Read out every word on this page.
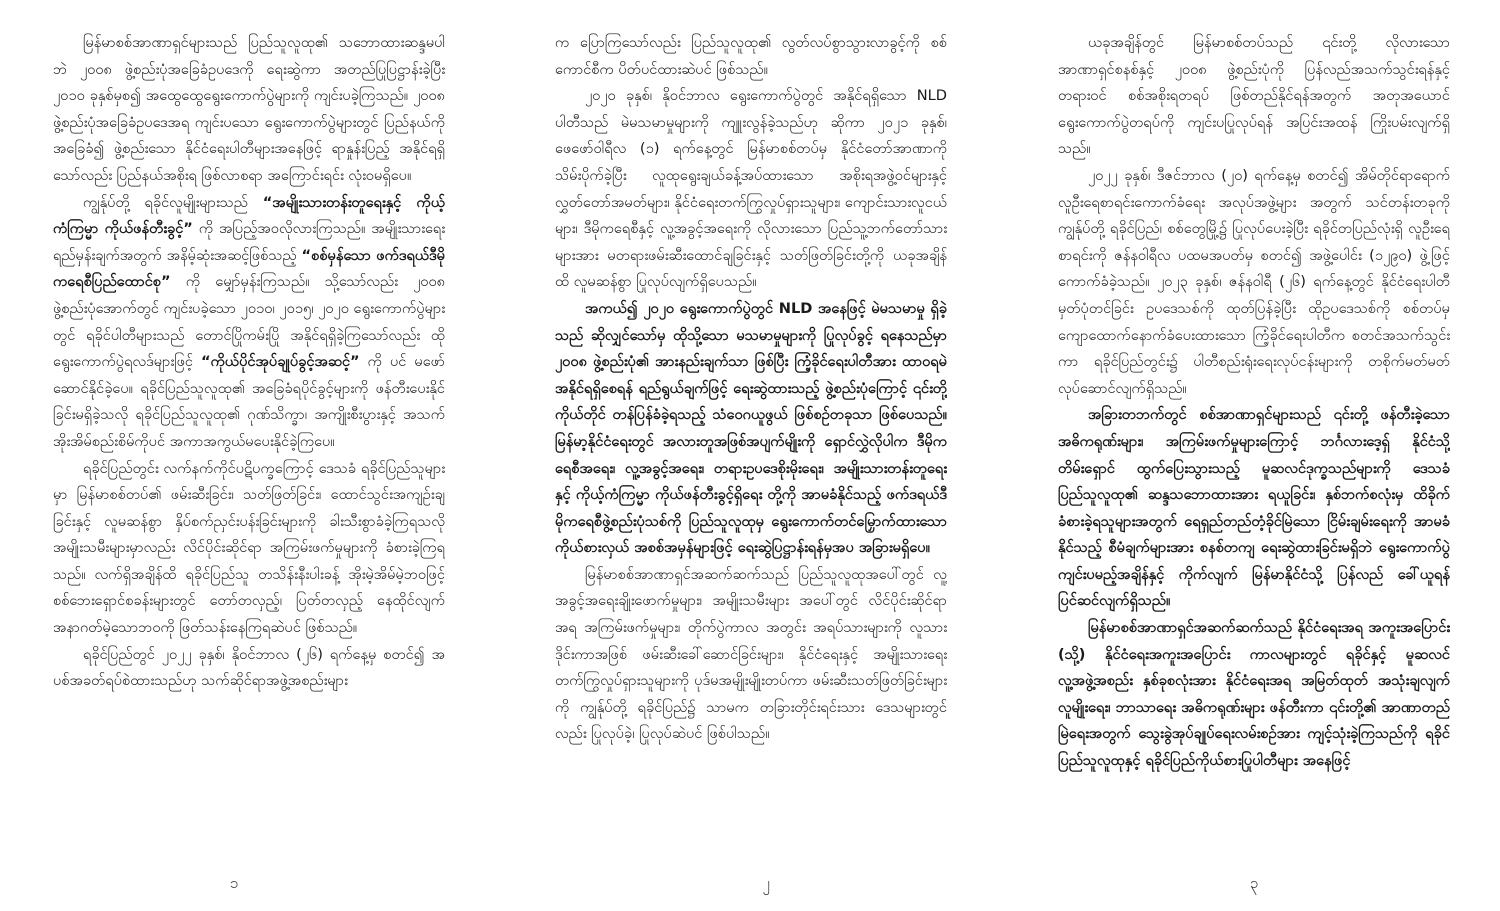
မြန်မာစစ်အာဏာရှင်များသည် ပြည်သူလူထု၏ သဘောထားဆန္ဒမပါဘဲ ၂၀၀၈ ဖွဲ့စည်းပုံအခြေခံဥပဒေကို ရေးဆွဲကာ အတည်ပြုပြဋ္ဌာန်းခဲ့ပြီး ၂၀၁၀ ခုနှစ်မှစ၍ အထွေထွေရွေးကောက်ပွဲများကို ကျင်းပခဲ့ကြသည်။ ၂၀၀၈ ဖွဲ့စည်းပုံအခြေခံဥပဒေအရ ကျင်းပသော ရွေးကောက်ပွဲများတွင် ပြည်နယ်ကိုအခြေခံ၍ ဖွဲ့စည်းသော နိုင်ငံရေးပါတီများအနေဖြင့် ရာနှုန်းပြည့် အနိုင်ရရှိသော်လည်း ပြည်နယ်အစိုးရ ဖြစ်လာစရာ အကြောင်းရင်း လုံးဝမရှိပေ။

ကျွန်ုပ်တို့ ရခိုင်လူမျိုးများသည် “အမျိုးသားတန်းတူရေးနှင့် ကိုယ့်ကံကြမ္မာ ကိုယ်ဖန်တီးခွင့်” ကို အပြည့်အဝလိုလားကြသည်။ အမျိုးသားရေး ရည်မှန်းချက်အတွက် အနိမ့်ဆုံးအဆင့်ဖြစ်သည့် “စစ်မှန်သော ဖက်ဒရယ်ဒီမိုကရေစီပြည်ထောင်စု” ကို မျှော်မှန်းကြသည်။ သို့သော်လည်း ၂၀၀၈ ဖွဲ့စည်းပုံအောက်တွင် ကျင်းပခဲ့သော ၂၀၁၀၊ ၂၀၁၅၊ ၂၀၂၀ ရွေးကောက်ပွဲများတွင် ရခိုင်ပါတီများသည် တောင်ပြိုကမ်းပြို အနိုင်ရရှိခဲ့ကြသော်လည်း ထိုရွေးကောက်ပွဲရလဒ်များဖြင့် “ကိုယ်ပိုင်အုပ်ချုပ်ခွင့်အဆင့်” ကို ပင် မဖော်ဆောင်နိုင်ခဲ့ပေ။ ရခိုင်ပြည်သူလူထု၏ အခြေခံရပိုင်ခွင့်များကို ဖန်တီးပေးနိုင်ခြင်းမရှိခဲ့သလို ရခိုင်ပြည်သူလူထု၏ ဂုဏ်သိက္ခာ၊ အကျိုးစီးပွားနှင့် အသက်အိုးအိမ်စည်းစိမ်ကိုပင် အကာအကွယ်မပေးနိုင်ခဲ့ကြပေ။

ရခိုင်ပြည်တွင်း လက်နက်ကိုင်ပဋိပက္ခကြောင့် ဒေသခံ ရခိုင်ပြည်သူများမှာ မြန်မာစစ်တပ်၏ ဖမ်းဆီးခြင်း၊ သတ်ဖြတ်ခြင်း၊ ထောင်သွင်းအကျဉ်းချခြင်းနှင့် လူမဆန်စွာ နှိပ်စက်ညှင်းပန်းခြင်းများကို ခါးသီးစွာခံခဲ့ကြရသလို အမျိုးသမီးများမှာလည်း လိင်ပိုင်းဆိုင်ရာ အကြမ်းဖက်မှုများကို ခံစားခဲ့ကြရသည်။ လက်ရှိအချိန်ထိ ရခိုင်ပြည်သူ တသိန်းနီးပါးခန့် အိုးမဲ့အိမ်မဲ့ဘဝဖြင့် စစ်ဘေးရှောင်စခန်းများတွင် တော်တလှည့်၊ ပြတ်တလှည့် နေထိုင်လျက် အနာဂတ်မဲ့သောဘဝကို ဖြတ်သန်းနေကြရဆဲပင် ဖြစ်သည်။

ရခိုင်ပြည်တွင် ၂၀၂၂ ခုနှစ်၊ နိုဝင်ဘာလ (၂၆) ရက်နေ့မှ စတင်၍ အပစ်အခတ်ရပ်စဲထားသည်ဟု သက်ဆိုင်ရာအဖွဲ့အစည်းများ

၁

က ပြောကြသော်လည်း ပြည်သူလူထု၏ လွတ်လပ်စွာသွားလာခွင့်ကို စစ်ကောင်စီက ပိတ်ပင်ထားဆဲပင် ဖြစ်သည်။

၂၀၂၀ ခုနှစ်၊ နိုဝင်ဘာလ ရွေးကောက်ပွဲတွင် အနိုင်ရရှိသော NLD ပါတီသည် မဲမသမာမှုများကို ကျူးလွန်ခဲ့သည်ဟု ဆိုကာ ၂၀၂၁ ခုနှစ်၊ ဖေဖော်ဝါရီလ (၁) ရက်နေ့တွင် မြန်မာစစ်တပ်မှ နိုင်ငံတော်အာဏာကို သိမ်းပိုက်ခဲ့ပြီး လူထုရွေးချယ်ခန့်အပ်ထားသော အစိုးရအဖွဲ့ဝင်များနှင့် လွှတ်တော်အမတ်များ၊ နိုင်ငံရေးတက်ကြွလှုပ်ရှားသူများ၊ ကျောင်းသားလူငယ်များ၊ ဒီမိုကရေစီနှင့် လူ့အခွင့်အရေးကို လိုလားသော ပြည်သူ့ဘက်တော်သားများအား မတရားဖမ်းဆီးထောင်ချခြင်းနှင့် သတ်ဖြတ်ခြင်းတို့ကို ယခုအချိန်ထိ လူမဆန်စွာ ပြုလုပ်လျက်ရှိပေသည်။

အကယ်၍ ၂၀၂၀ ရွေးကောက်ပွဲတွင် NLD အနေဖြင့် မဲမသမာမှု ရှိခဲ့သည် ဆိုလျှင်သော်မှ ထိုသို့သော မသမာမှုများကို ပြုလုပ်ခွင့် ရနေသည်မှာ ၂၀၀၈ ဖွဲ့စည်းပုံ၏ အားနည်းချက်သာ ဖြစ်ပြီး ကြံ့ခိုင်ရေးပါတီအား ထာဝရမဲအနိုင်ရရှိစေရန် ရည်ရွယ်ချက်ဖြင့် ရေးဆွဲထားသည့် ဖွဲ့စည်းပုံကြောင့် ၎င်းတို့ကိုယ်တိုင် တန်ပြန်ခံခဲ့ရသည့် သံဝေဂယူဖွယ် ဖြစ်စဉ်တခုသာ ဖြစ်ပေသည်။ မြန်မာ့နိုင်ငံရေးတွင် အလားတူအဖြစ်အပျက်မျိုးကို ရှောင်လွှဲလိုပါက ဒီမိုကရေစီအရေး၊ လူ့အခွင့်အရေး၊ တရားဥပဒေစိုးမိုးရေး၊ အမျိုးသားတန်းတူရေးနှင့် ကိုယ့်ကံကြမ္မာ ကိုယ်ဖန်တီးခွင့်ရှိရေး တို့ကို အာမခံနိုင်သည့် ဖက်ဒရယ်ဒီမိုကရေစီဖွဲ့စည်းပုံသစ်ကို ပြည်သူလူထုမှ ရွေးကောက်တင်မြှောက်ထားသော ကိုယ်စားလှယ် အစစ်အမှန်များဖြင့် ရေးဆွဲပြဋ္ဌာန်းရန်မှအပ အခြားမရှိပေ။

မြန်မာစစ်အာဏာရှင်အဆက်ဆက်သည် ပြည်သူလူထုအပေါ်တွင် လူ့အခွင့်အရေးချိုးဖောက်မှုများ၊ အမျိုးသမီးများ အပေါ်တွင် လိင်ပိုင်းဆိုင်ရာအရ အကြမ်းဖက်မှုများ၊ တိုက်ပွဲကာလ အတွင်း အရပ်သားများကို လူသားဒိုင်းကာအဖြစ် ဖမ်းဆီးခေါ်ဆောင်ခြင်းများ၊ နိုင်ငံရေးနှင့် အမျိုးသားရေး တက်ကြွလှုပ်ရှားသူများကို ပုဒ်မအမျိုးမျိုးတပ်ကာ ဖမ်းဆီးသတ်ဖြတ်ခြင်းများကို ကျွန်ုပ်တို့ ရခိုင်ပြည်၌ သာမက တခြားတိုင်းရင်းသား ဒေသများတွင်လည်း ပြုလုပ်ခဲ့၊ ပြုလုပ်ဆဲပင် ဖြစ်ပါသည်။

၂

ယခုအချိန်တွင် မြန်မာစစ်တပ်သည် ၎င်းတို့ လိုလားသော အာဏာရှင်စနစ်နှင့် ၂၀၀၈ ဖွဲ့စည်းပုံကို ပြန်လည်အသက်သွင်းရန်နှင့် တရားဝင် စစ်အစိုးရတရပ် ဖြစ်တည်နိုင်ရန်အတွက် အတုအယောင် ရွေးကောက်ပွဲတရပ်ကို ကျင်းပပြုလုပ်ရန် အပြင်းအထန် ကြိုးပမ်းလျက်ရှိသည်။

၂၀၂၂ ခုနှစ်၊ ဒီဇင်ဘာလ (၂၀) ရက်နေ့မှ စတင်၍ အိမ်တိုင်ရာရောက် လူဦးရေစာရင်းကောက်ခံရေး အလုပ်အဖွဲ့များ အတွက် သင်တန်းတခုကို ကျွန်ုပ်တို့ ရခိုင်ပြည်၊ စစ်တွေမြို့၌ ပြုလုပ်ပေးခဲ့ပြီး ရခိုင်တပြည်လုံးရှိ လူဦးရေစာရင်းကို ဇန်နဝါရီလ ပထမအပတ်မှ စတင်၍ အဖွဲ့ပေါင်း (၁၂၉၀) ဖွဲ့ဖြင့် ကောက်ခံခဲ့သည်။ ၂၀၂၃ ခုနှစ်၊ ဇန်နဝါရီ (၂၆) ရက်နေ့တွင် နိုင်ငံရေးပါတီမှတ်ပုံတင်ခြင်း ဥပဒေသစ်ကို ထုတ်ပြန်ခဲ့ပြီး ထိုဥပဒေသစ်ကို စစ်တပ်မှ ကျောထောက်နောက်ခံပေးထားသော ကြံ့ခိုင်ရေးပါတီက စတင်အသက်သွင်းကာ ရခိုင်ပြည်တွင်း၌ ပါတီစည်းရုံးရေးလုပ်ငန်းများကို တစိုက်မတ်မတ် လုပ်ဆောင်လျက်ရှိသည်။

အခြားတဘက်တွင် စစ်အာဏာရှင်များသည် ၎င်းတို့ ဖန်တီးခဲ့သော အဓိကရုဏ်းများ၊ အကြမ်းဖက်မှုများကြောင့် ဘင်္ဂလားဒေ့ရှ် နိုင်ငံသို့ တိမ်းရှောင် ထွက်ပြေးသွားသည့် မူဆလင်ဒုက္ခသည်များကို ဒေသခံပြည်သူလူထု၏ ဆန္ဒသဘောထားအား ရယူခြင်း၊ နှစ်ဘက်စလုံးမှ ထိခိုက်ခံစားခဲ့ရသူများအတွက် ရေရှည်တည်တံ့ခိုင်မြဲသော ငြိမ်းချမ်းရေးကို အာမခံနိုင်သည့် စီမံချက်များအား စနစ်တကျ ရေးဆွဲထားခြင်းမရှိဘဲ ရွေးကောက်ပွဲကျင်းပမည့်အချိန်နှင့် ကိုက်လျက် မြန်မာနိုင်ငံသို့ ပြန်လည် ခေါ်ယူရန် ပြင်ဆင်လျက်ရှိသည်။

မြန်မာစစ်အာဏာရှင်အဆက်ဆက်သည် နိုင်ငံရေးအရ အကူးအပြောင်း (သို့) နိုင်ငံရေးအကူးအပြောင်း ကာလများတွင် ရခိုင်နှင့် မူဆလင် လူ့အဖွဲ့အစည်း နှစ်ခုစလုံးအား နိုင်ငံရေးအရ အမြတ်ထုတ် အသုံးချလျက် လူမျိုးရေး၊ ဘာသာရေး အဓိကရုဏ်းများ ဖန်တီးကာ ၎င်းတို့၏ အာဏာတည်မြဲရေးအတွက် သွေးခွဲအုပ်ချုပ်ရေးလမ်းစဉ်အား ကျင့်သုံးခဲ့ကြသည်ကို ရခိုင်ပြည်သူလူထုနှင့် ရခိုင်ပြည်ကိုယ်စားပြုပါတီများ အနေဖြင့်

၃
